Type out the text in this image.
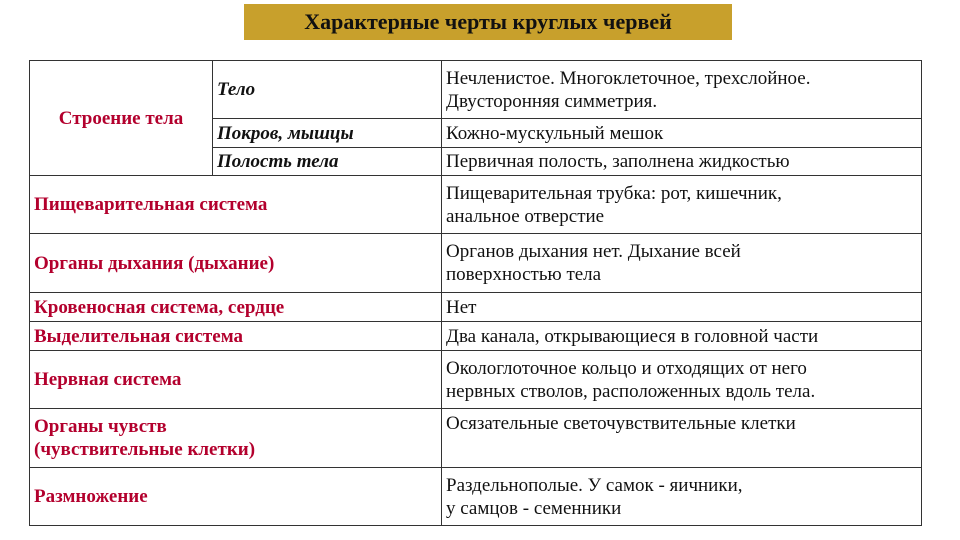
Характерные черты круглых червей
Строение тела	Тело	Нечленистое. Многоклеточное, трехслойное.
Двусторонняя симметрия.

	Покров, мышцы	Кожно-мускульный мешок

	Полость тела	Первичная полость, заполнена жидкостью

Пищеварительная система		Пищеварительная трубка: рот, кишечник,
анальное отверстие

Органы дыхания (дыхание)		Органов дыхания нет. Дыхание всей
поверхностью тела

Кровеносная система, сердце		Нет

Выделительная система		Два канала, открывающиеся в головной части

Нервная система		Окологлоточное кольцо и отходящих от него
нервных стволов, расположенных вдоль тела.

Органы чувств
(чувствительные клетки)		Осязательные светочувствительные клетки

Размножение		Раздельнополые. У самок - яичники,
у самцов - семенники
